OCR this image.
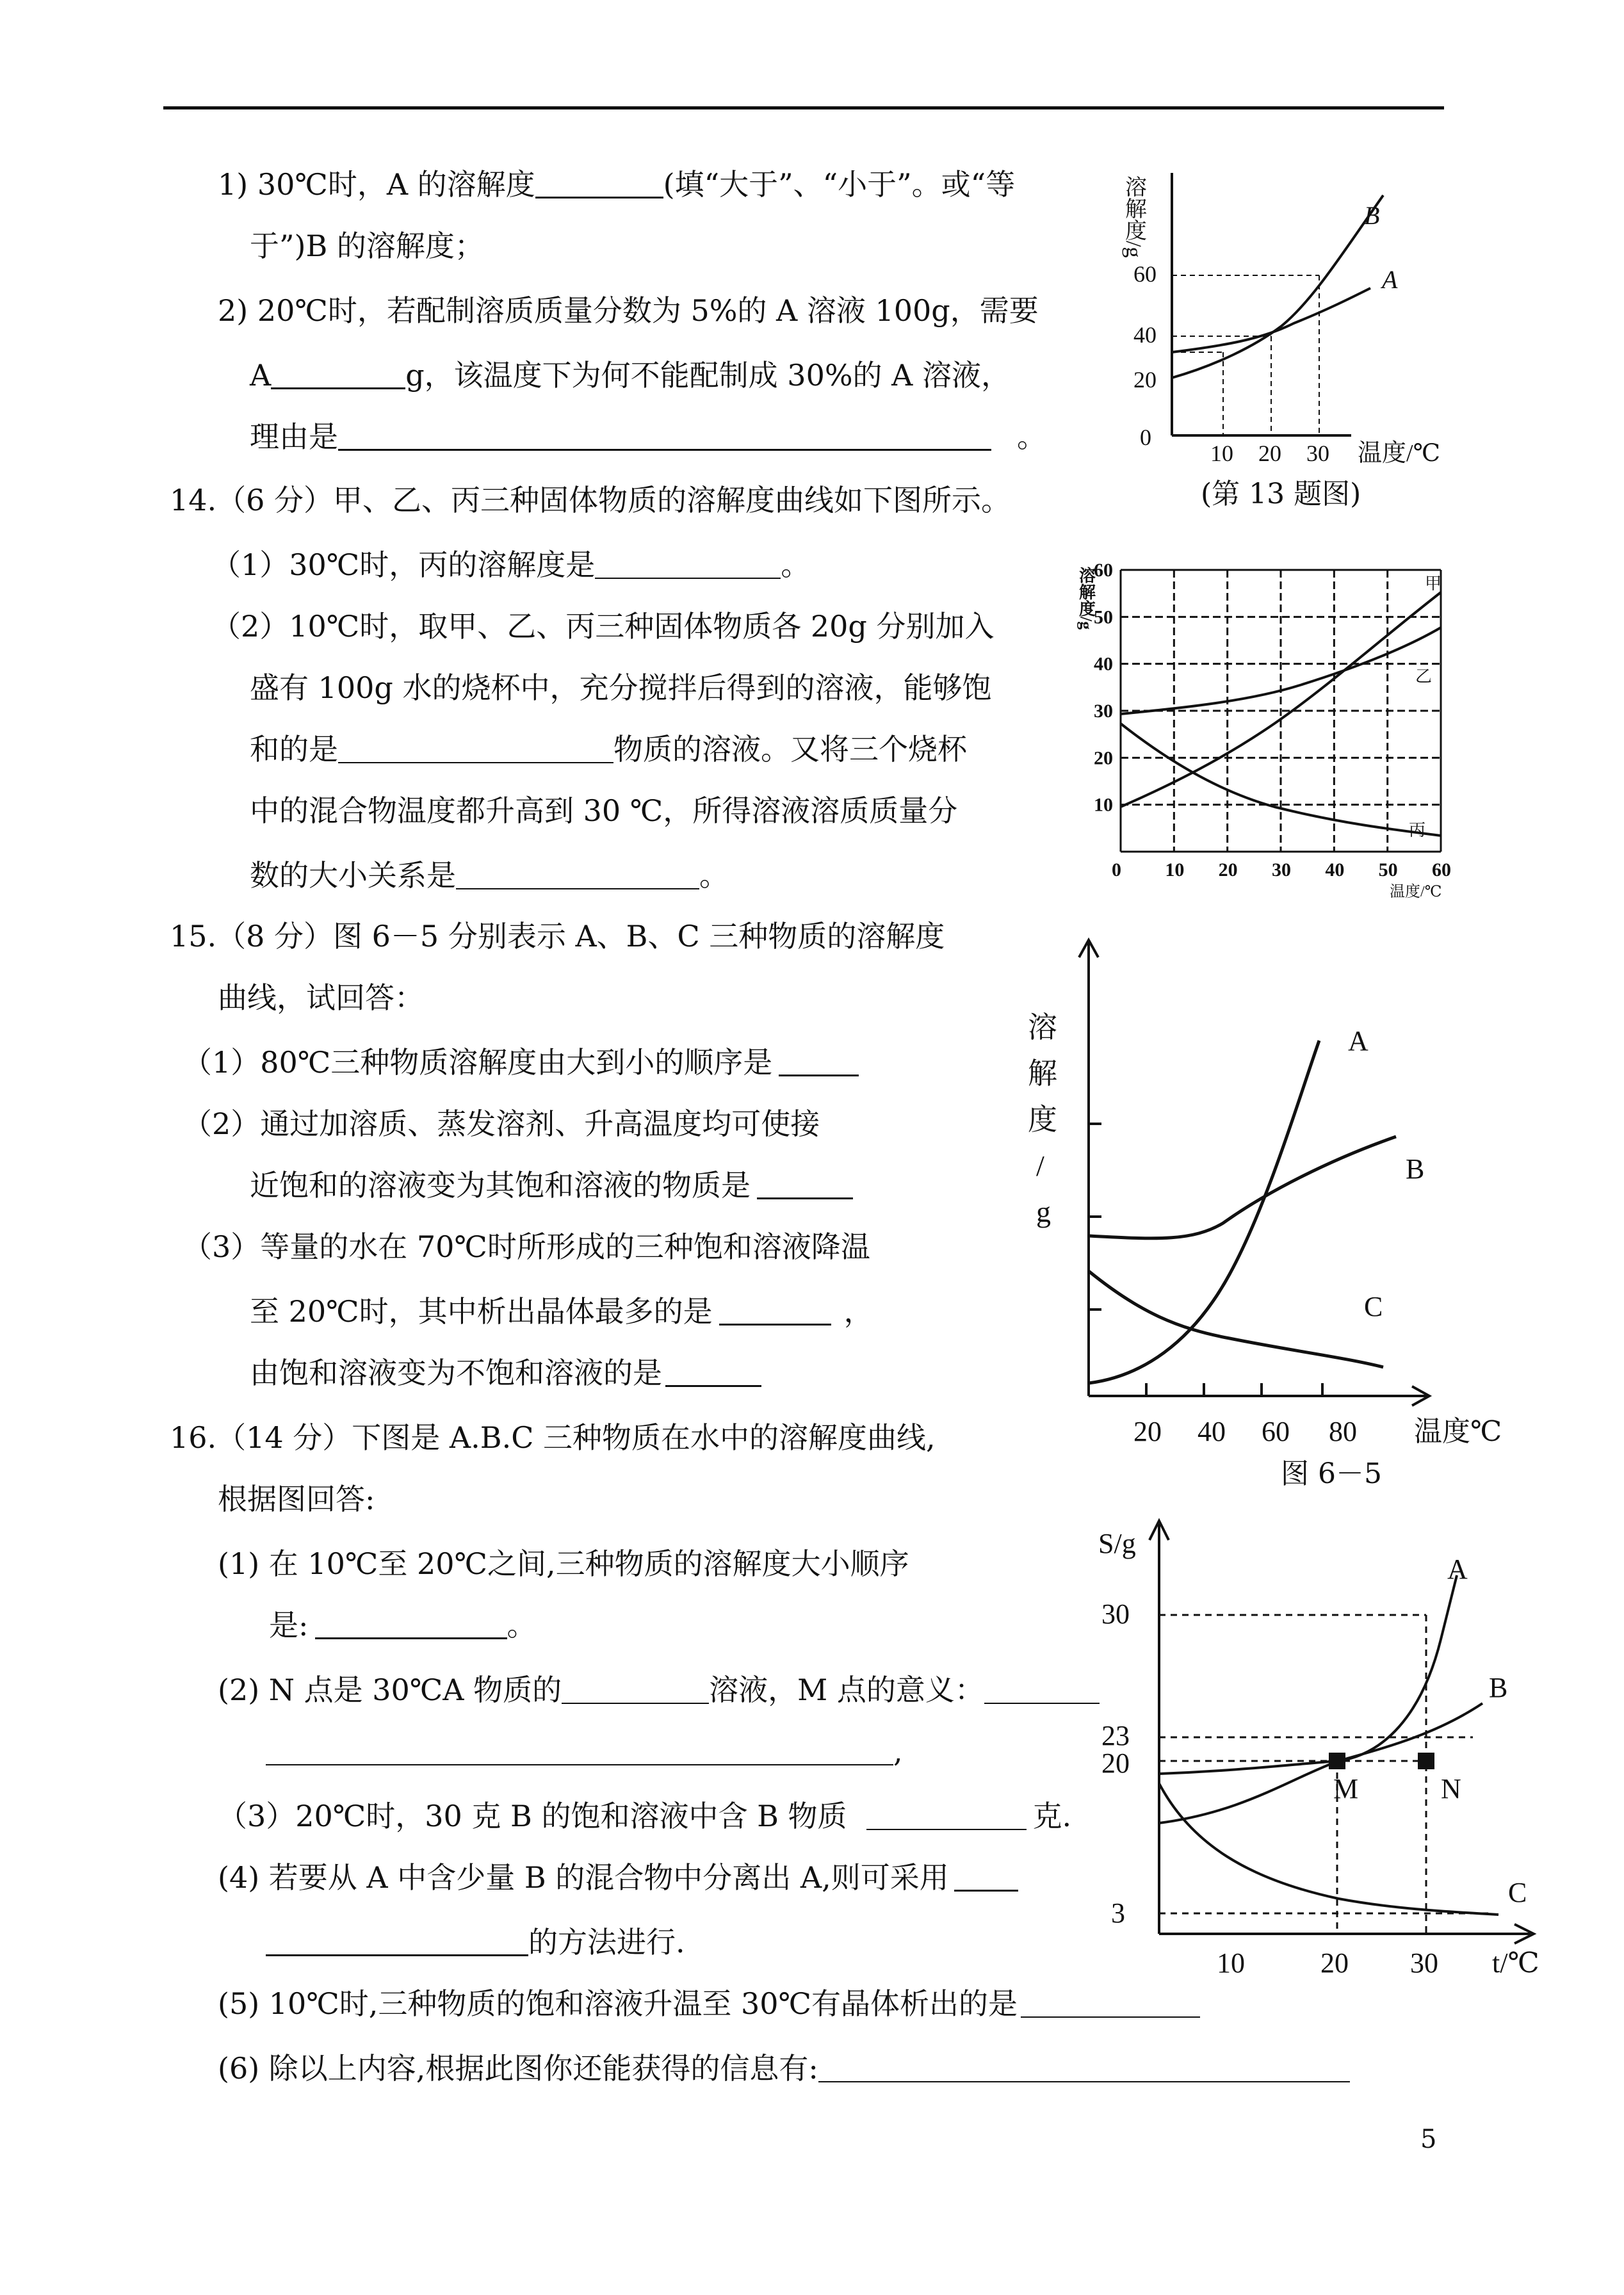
1) 30℃时，A 的溶解度	(填“大于”、“小于”。或“等
于”)B 的溶解度；
2) 20℃时，若配制溶质质量分数为 5%的 A 溶液 100g，需要
A	g，该温度下为何不能配制成 30%的 A 溶液，
理由是	。
溶解度/g	B
A
0
20
40
60
10 20 30 温度/℃
(第 13 题图)
14.（6 分）甲、乙、丙三种固体物质的溶解度曲线如下图所示。
（1）30℃时，丙的溶解度是	。
（2）10℃时，取甲、乙、丙三种固体物质各 20g 分别加入
盛有 100g 水的烧杯中，充分搅拌后得到的溶液，能够饱
和的是	物质的溶液。又将三个烧杯
中的混合物温度都升高到 30 ℃，所得溶液溶质质量分
数的大小关系是	。
溶解度/g	甲
乙
丙
温度/℃
0 10
10
20
20
30
30
40
40
50
50
60
60
15.（8 分）图 6－5 分别表示 A、B、C 三种物质的溶解度
曲线，试回答：
（1）80℃三种物质溶解度由大到小的顺序是
（2）通过加溶质、蒸发溶剂、升高温度均可使接
近饱和的溶液变为其饱和溶液的物质是
（3）等量的水在 70℃时所形成的三种饱和溶液降温
至 20℃时，其中析出晶体最多的是	，
由饱和溶液变为不饱和溶液的是
溶
解
度
/
g
A
B
C
20 40 60 80 温度℃
图 6－5
16.（14 分）下图是 A.B.C 三种物质在水中的溶解度曲线,
根据图回答:
(1) 在 10℃至 20℃之间,三种物质的溶解度大小顺序
是:	。
(2) N 点是 30℃A 物质的	溶液，M 点的意义：
,
（3）20℃时，30 克 B 的饱和溶液中含 B 物质	克.
(4) 若要从 A 中含少量 B 的混合物中分离出 A,则可采用
的方法进行.
(5) 10℃时,三种物质的饱和溶液升温至 30℃有晶体析出的是
(6) 除以上内容,根据此图你还能获得的信息有:
S/g
30
23
20
3
10	20 30 t/℃
A
B
C
M	N
5
